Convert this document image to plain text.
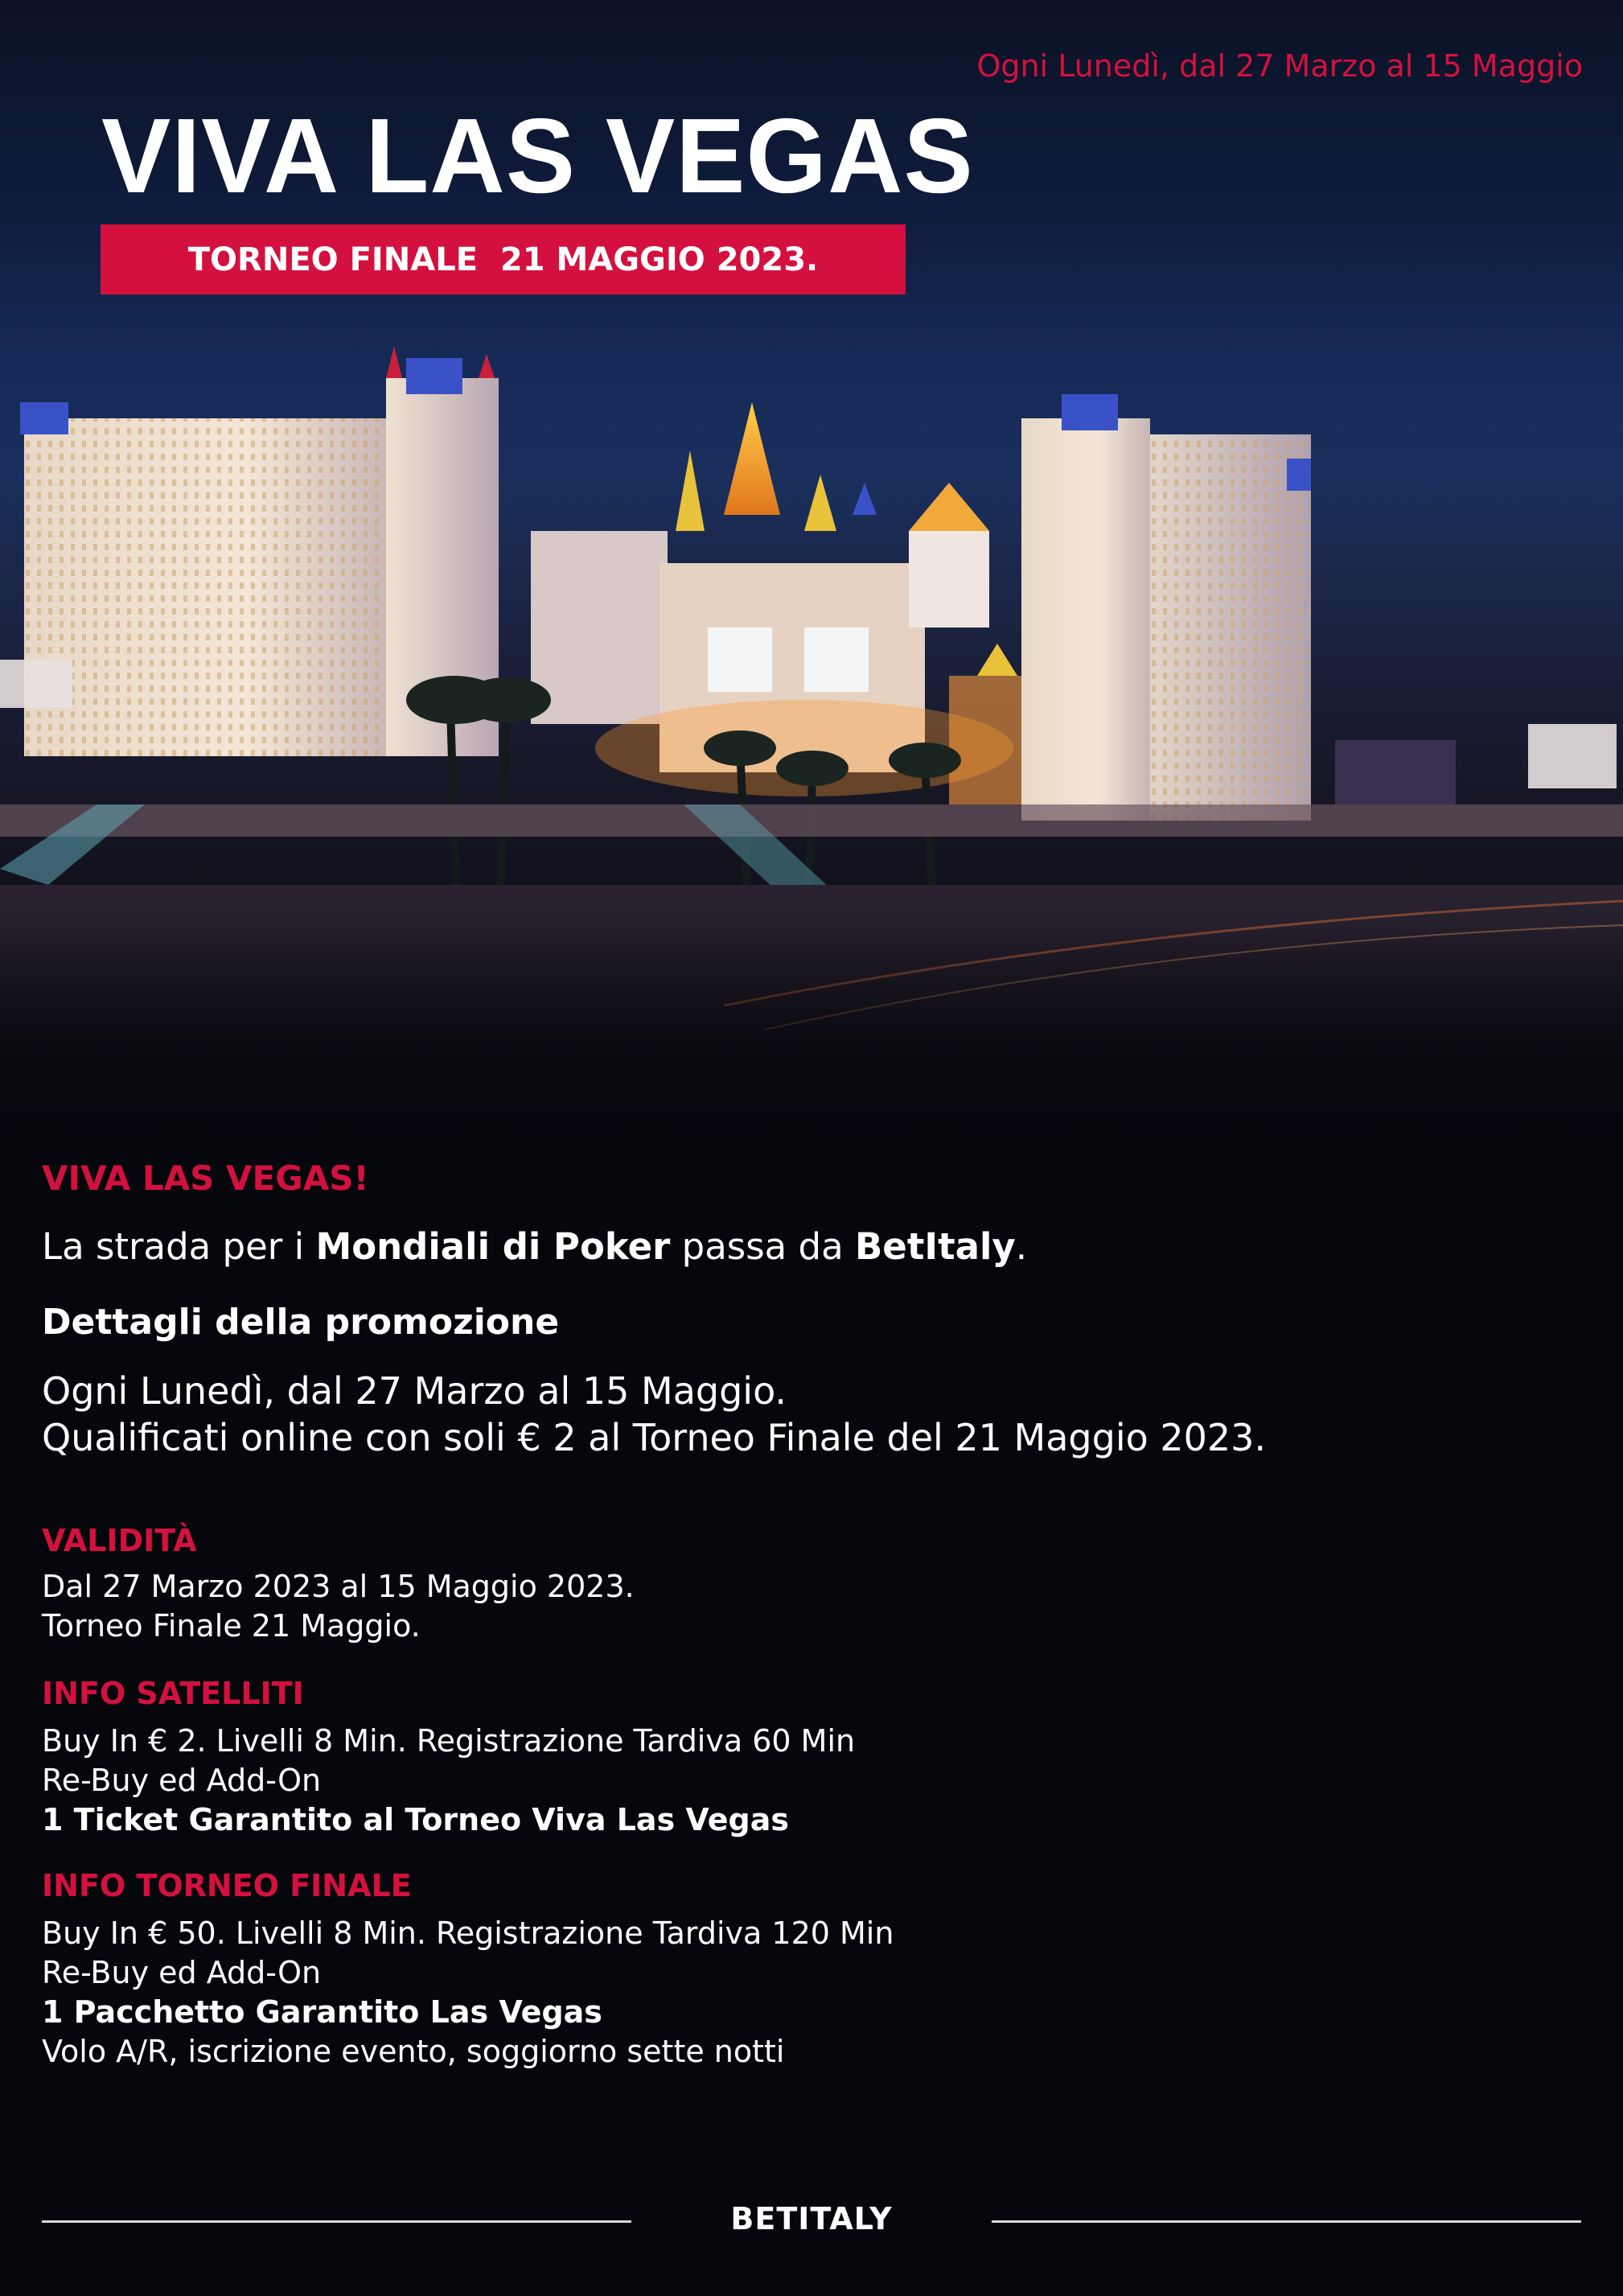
Ogni Lunedì, dal 27 Marzo al 15 Maggio
VIVA LAS VEGAS
TORNEO FINALE  21 MAGGIO 2023.
VIVA LAS VEGAS!
La strada per i Mondiali di Poker passa da BetItaly.
Dettagli della promozione
Ogni Lunedì, dal 27 Marzo al 15 Maggio.
Qualificati online con soli € 2 al Torneo Finale del 21 Maggio 2023.
VALIDITÀ
Dal 27 Marzo 2023 al 15 Maggio 2023.
Torneo Finale 21 Maggio.
INFO SATELLITI
Buy In € 2. Livelli 8 Min. Registrazione Tardiva 60 Min
Re-Buy ed Add-On
1 Ticket Garantito al Torneo Viva Las Vegas
INFO TORNEO FINALE
Buy In € 50. Livelli 8 Min. Registrazione Tardiva 120 Min
Re-Buy ed Add-On
1 Pacchetto Garantito Las Vegas
Volo A/R, iscrizione evento, soggiorno sette notti
BETITALY
